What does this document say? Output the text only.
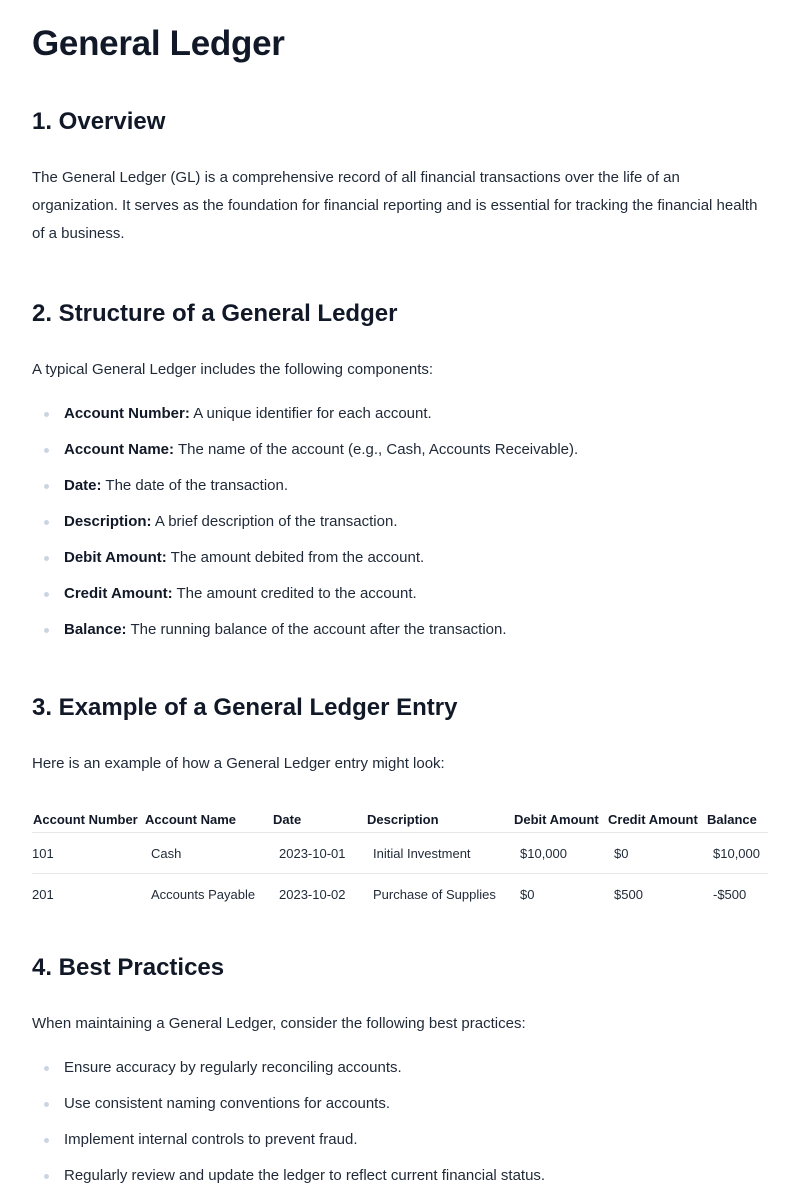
General Ledger
1. Overview

The General Ledger (GL) is a comprehensive record of all financial transactions over the life of an organization. It serves as the foundation for financial reporting and is essential for tracking the financial health of a business.

2. Structure of a General Ledger

A typical General Ledger includes the following components:

Account Number: A unique identifier for each account.
Account Name: The name of the account (e.g., Cash, Accounts Receivable).
Date: The date of the transaction.
Description: A brief description of the transaction.
Debit Amount: The amount debited from the account.
Credit Amount: The amount credited to the account.
Balance: The running balance of the account after the transaction.
3. Example of a General Ledger Entry

Here is an example of how a General Ledger entry might look:

Account Number	Account Name	Date	Description	Debit Amount	Credit Amount	Balance
101	Cash	2023-10-01	Initial Investment	$10,000	$0	$10,000
201	Accounts Payable	2023-10-02	Purchase of Supplies	$0	$500	-$500
4. Best Practices

When maintaining a General Ledger, consider the following best practices:

Ensure accuracy by regularly reconciling accounts.
Use consistent naming conventions for accounts.
Implement internal controls to prevent fraud.
Regularly review and update the ledger to reflect current financial status.
